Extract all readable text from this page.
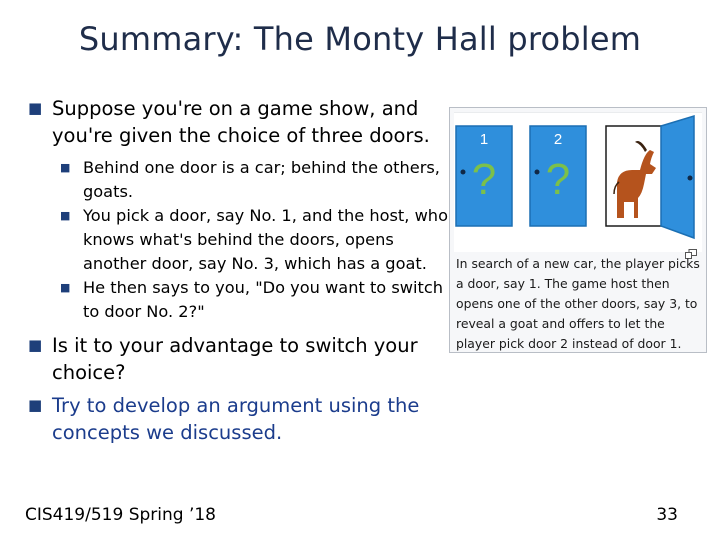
Summary: The Monty Hall problem
■ Suppose you're on a game show, and you're given the choice of three doors.
■ Behind one door is a car; behind the others, goats.
■ You pick a door, say No. 1, and the host, who knows what's behind the doors, opens another door, say No. 3, which has a goat.
■ He then says to you, "Do you want to switch to door No. 2?"
■ Is it to your advantage to switch your choice?
■ Try to develop an argument using the concepts we discussed.
1
?
2
?
In search of a new car, the player picks a door, say 1. The game host then opens one of the other doors, say 3, to reveal a goat and offers to let the player pick door 2 instead of door 1.
CIS419/519 Spring ’18	33
